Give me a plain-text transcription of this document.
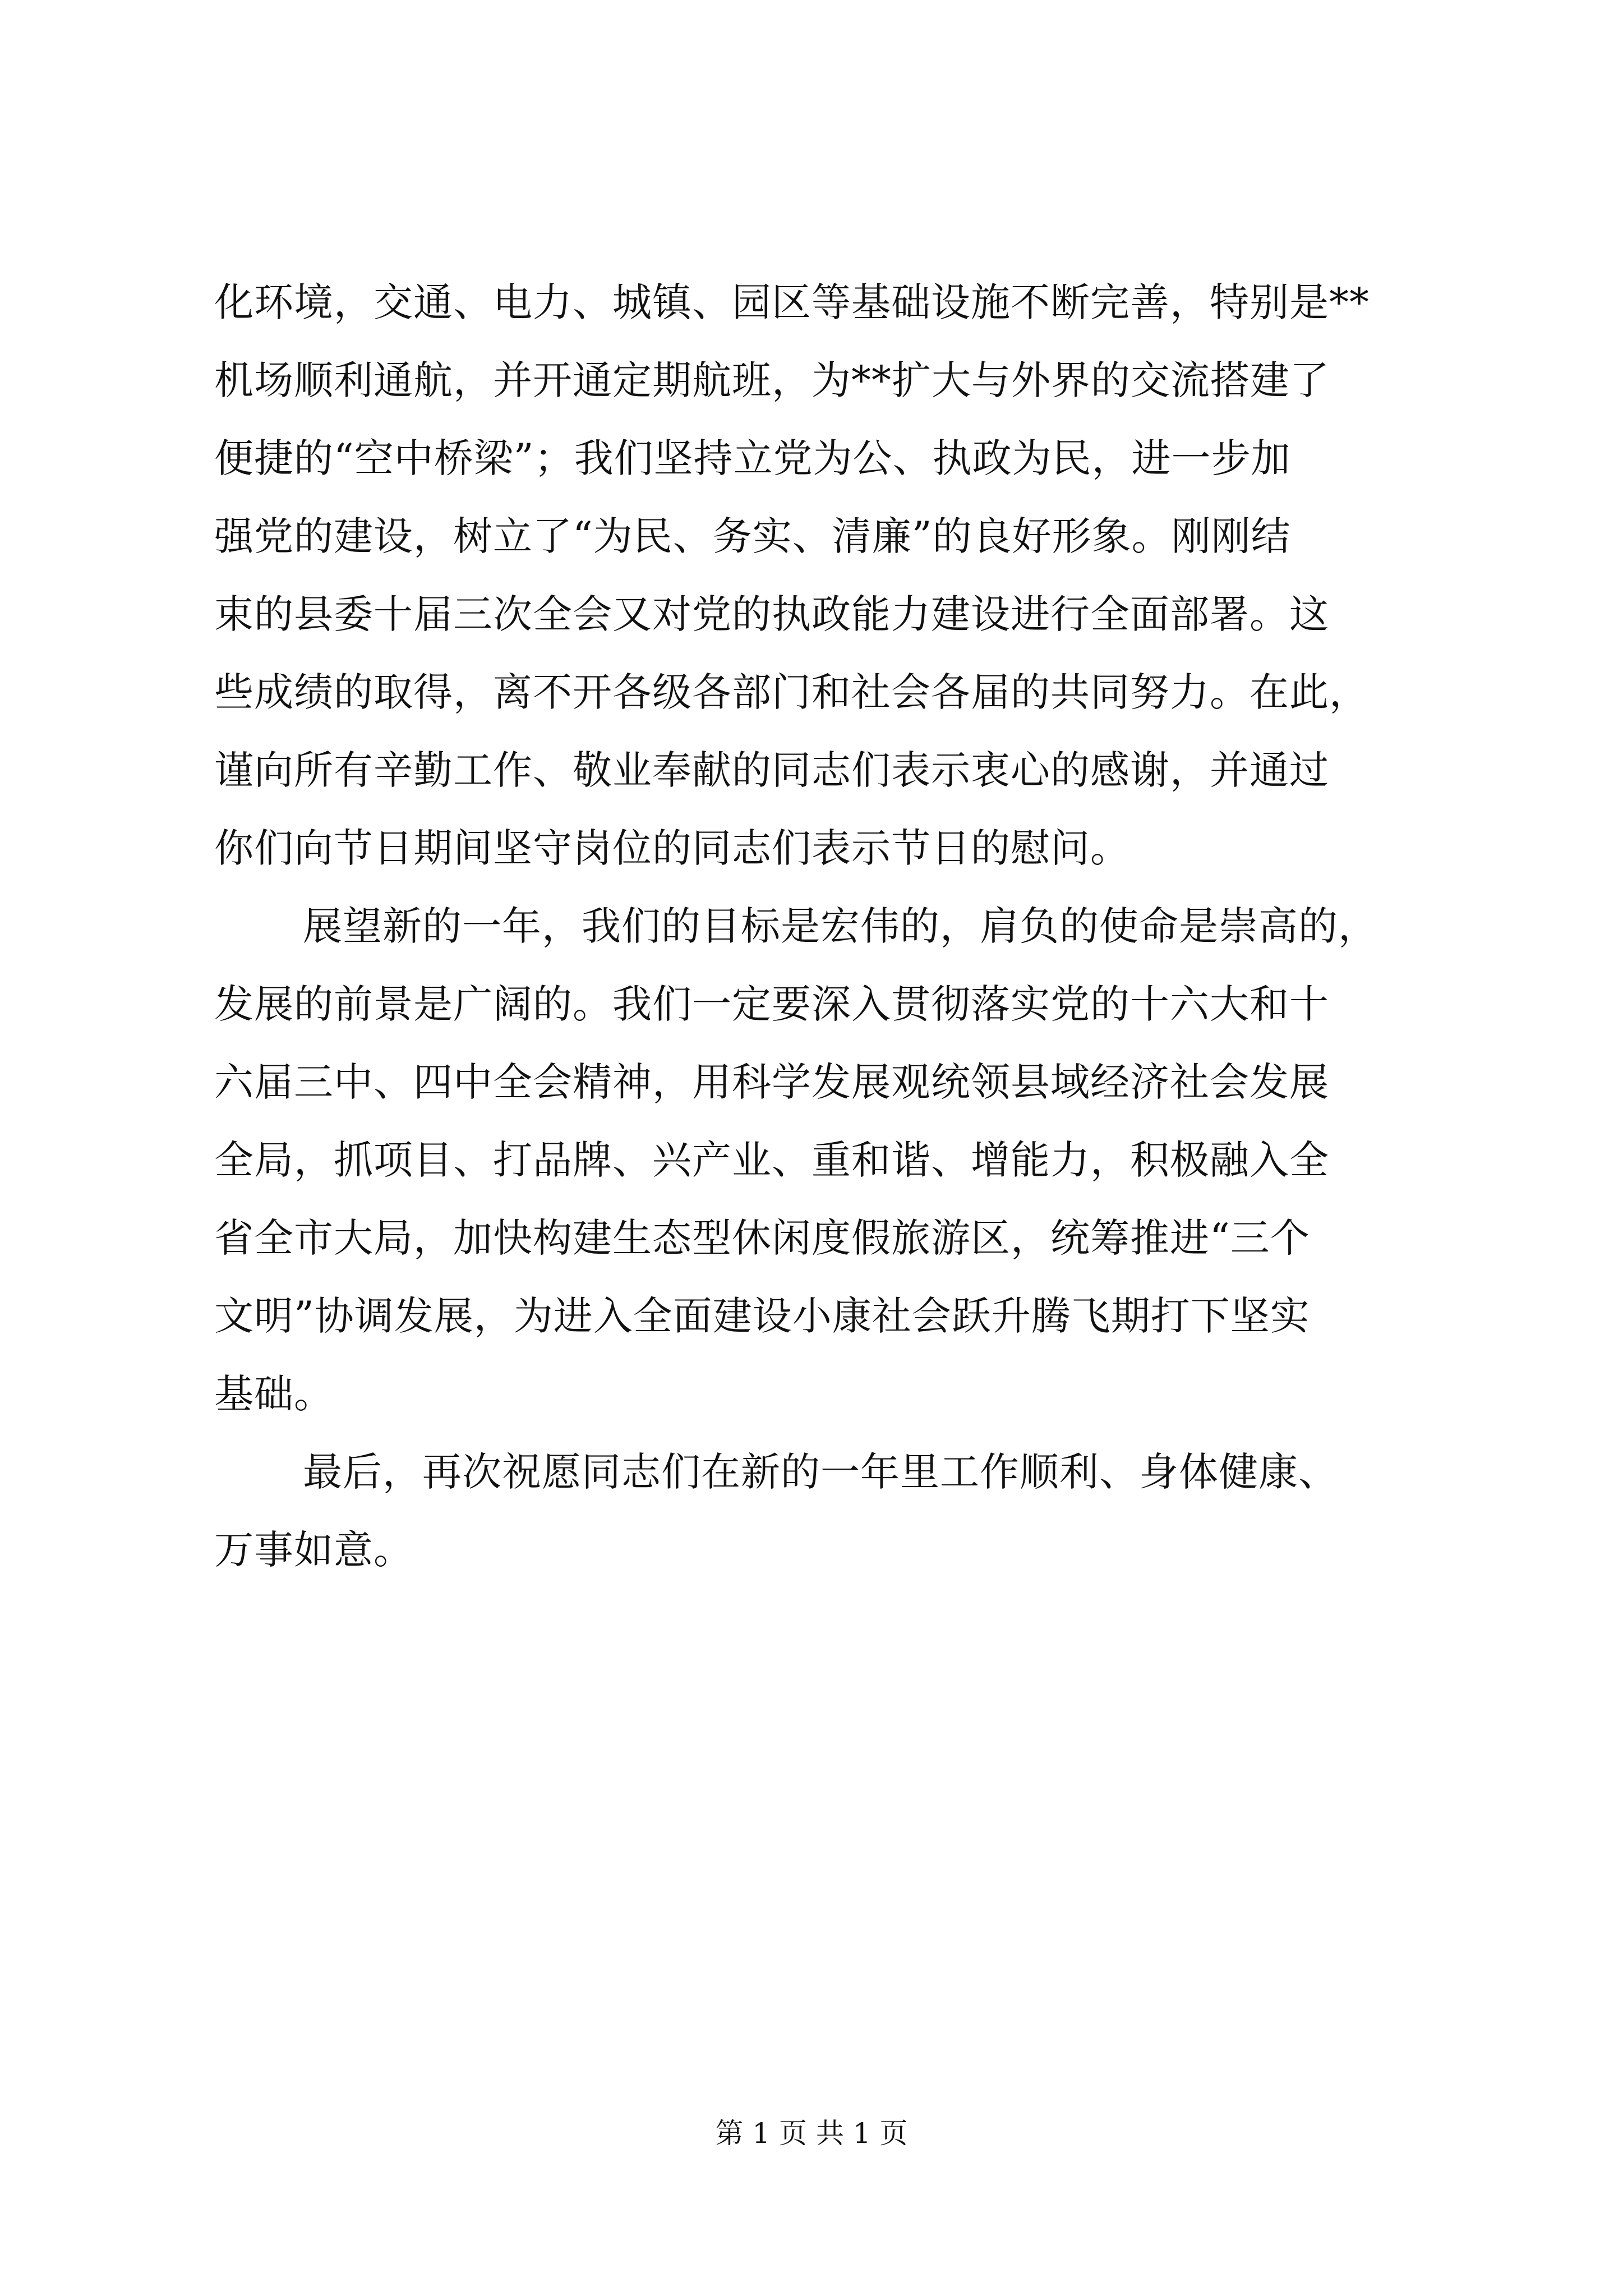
化环境，交通、电力、城镇、园区等基础设施不断完善，特别是**
机场顺利通航，并开通定期航班，为**扩大与外界的交流搭建了
便捷的“空中桥梁”；我们坚持立党为公、执政为民，进一步加
强党的建设，树立了“为民、务实、清廉”的良好形象。刚刚结
束的县委十届三次全会又对党的执政能力建设进行全面部署。这
些成绩的取得，离不开各级各部门和社会各届的共同努力。在此，
谨向所有辛勤工作、敬业奉献的同志们表示衷心的感谢，并通过
你们向节日期间坚守岗位的同志们表示节日的慰问。
展望新的一年，我们的目标是宏伟的，肩负的使命是崇高的，
发展的前景是广阔的。我们一定要深入贯彻落实党的十六大和十
六届三中、四中全会精神，用科学发展观统领县域经济社会发展
全局，抓项目、打品牌、兴产业、重和谐、增能力，积极融入全
省全市大局，加快构建生态型休闲度假旅游区，统筹推进“三个
文明”协调发展，为进入全面建设小康社会跃升腾飞期打下坚实
基础。
最后，再次祝愿同志们在新的一年里工作顺利、身体健康、
万事如意。
第 1 页 共 1 页
